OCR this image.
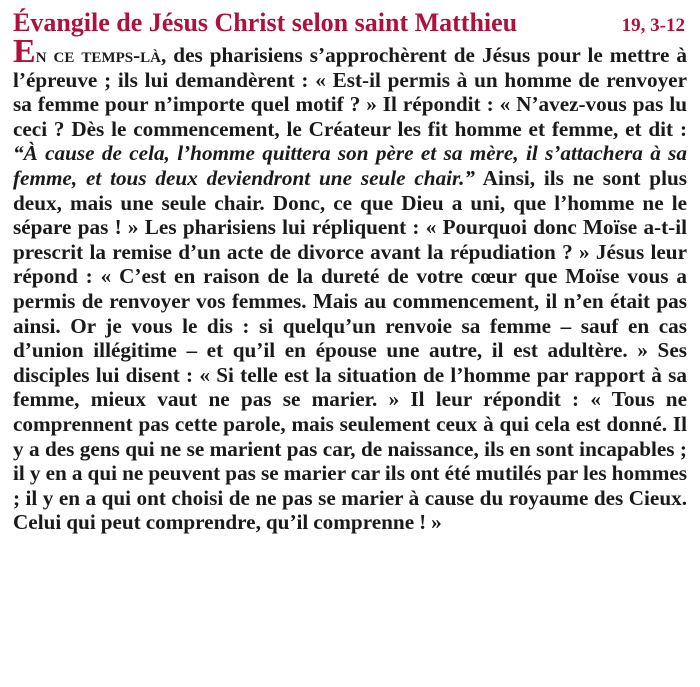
Évangile de Jésus Christ selon saint Matthieu	19, 3-12

En ce temps-là, des pharisiens s’approchèrent de Jésus pour le mettre à l’épreuve ; ils lui demandèrent : « Est-il permis à un homme de renvoyer sa femme pour n’importe quel motif ? » Il répondit : « N’avez-vous pas lu ceci ? Dès le commencement, le Créateur les fit homme et femme, et dit : “À cause de cela, l’homme quittera son père et sa mère, il s’attachera à sa femme, et tous deux deviendront une seule chair.” Ainsi, ils ne sont plus deux, mais une seule chair. Donc, ce que Dieu a uni, que l’homme ne le sépare pas ! » Les pharisiens lui répliquent : « Pourquoi donc Moïse a-t-il prescrit la remise d’un acte de divorce avant la répudiation ? » Jésus leur répond : « C’est en raison de la dureté de votre cœur que Moïse vous a permis de renvoyer vos femmes. Mais au commencement, il n’en était pas ainsi. Or je vous le dis : si quelqu’un renvoie sa femme – sauf en cas d’union illégitime – et qu’il en épouse une autre, il est adultère. » Ses disciples lui disent : « Si telle est la situation de l’homme par rapport à sa femme, mieux vaut ne pas se marier. » Il leur répondit : « Tous ne comprennent pas cette parole, mais seulement ceux à qui cela est donné. Il y a des gens qui ne se marient pas car, de naissance, ils en sont incapables ; il y en a qui ne peuvent pas se marier car ils ont été mutilés par les hommes ; il y en a qui ont choisi de ne pas se marier à cause du royaume des Cieux. Celui qui peut comprendre, qu’il comprenne ! »
